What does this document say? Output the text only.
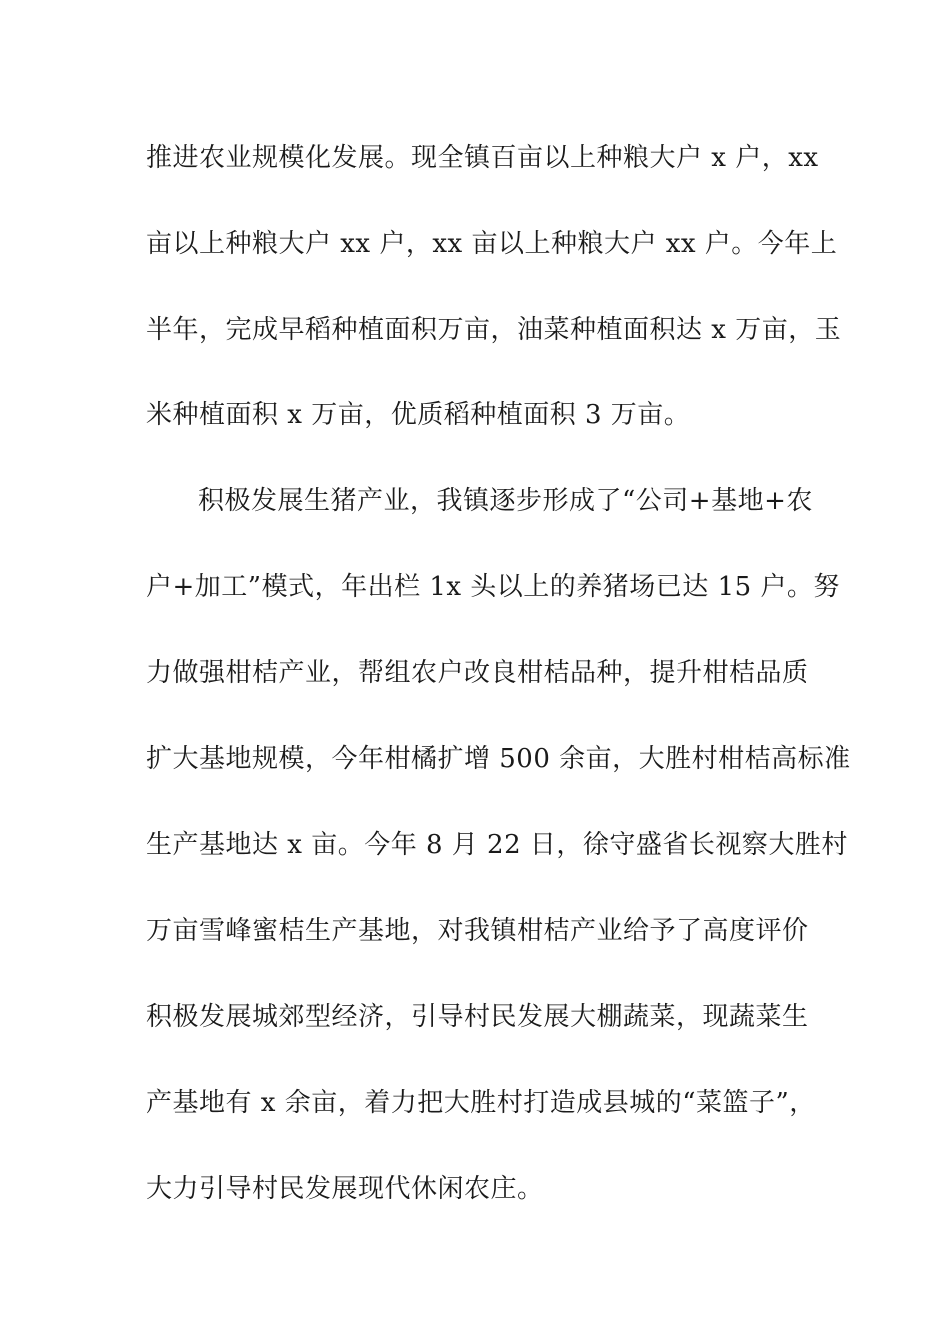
推进农业规模化发展。现全镇百亩以上种粮大户 x 户，xx
亩以上种粮大户 xx 户，xx 亩以上种粮大户 xx 户。今年上
半年，完成早稻种植面积万亩，油菜种植面积达 x 万亩，玉
米种植面积 x 万亩，优质稻种植面积 3 万亩。
积极发展生猪产业，我镇逐步形成了“公司+基地+农
户+加工”模式，年出栏 1x 头以上的养猪场已达 15 户。努
力做强柑桔产业，帮组农户改良柑桔品种，提升柑桔品质
扩大基地规模，今年柑橘扩增 500 余亩，大胜村柑桔高标准
生产基地达 x 亩。今年 8 月 22 日，徐守盛省长视察大胜村
万亩雪峰蜜桔生产基地，对我镇柑桔产业给予了高度评价
积极发展城郊型经济，引导村民发展大棚蔬菜，现蔬菜生
产基地有 x 余亩，着力把大胜村打造成县城的“菜篮子”，
大力引导村民发展现代休闲农庄。
